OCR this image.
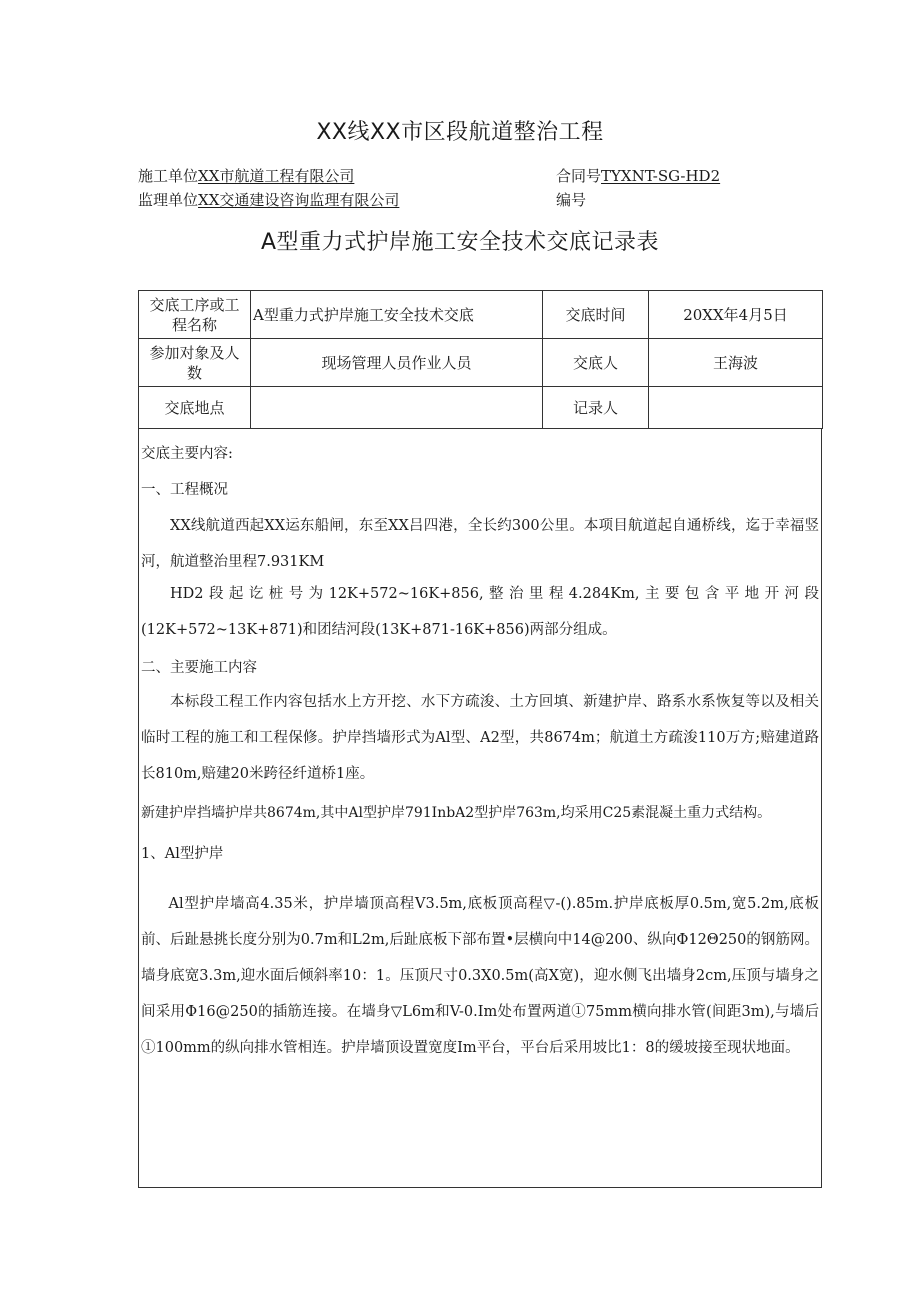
XX线XX市区段航道整治工程
施工单位XX市航道工程有限公司	合同号TYXNT-SG-HD2
监理单位XX交通建设咨询监理有限公司	编号
A型重力式护岸施工安全技术交底记录表
交底工序或工程名称	A型重力式护岸施工安全技术交底	交底时间	20XX年4月5日
参加对象及人数	现场管理人员作业人员	交底人	王海波
交底地点		记录人	
交底主要内容:
一、工程概况

XX线航道西起XX运东船闸，东至XX吕四港，全长约300公里。本项目航道起自通桥线，迄于幸福竖河，航道整治里程7.931KM

HD2段起讫桩号为12K+572~16K+856,整治里程4.284Km,主要包含平地开河段(12K+572~13K+871)和团结河段(13K+871-16K+856)两部分组成。

二、主要施工内容

本标段工程工作内容包括水上方开挖、水下方疏浚、土方回填、新建护岸、路系水系恢复等以及相关临时工程的施工和工程保修。护岸挡墙形式为Al型、A2型，共8674m；航道土方疏浚110万方;赔建道路长810m,赔建20米跨径纤道桥1座。

新建护岸挡墙护岸共8674m,其中Al型护岸791InbA2型护岸763m,均采用C25素混凝土重力式结构。
1、Al型护岸

Al型护岸墙高4.35米，护岸墙顶高程V3.5m,底板顶高程▽-().85m.护岸底板厚0.5m,宽5.2m,底板前、后趾悬挑长度分别为0.7m和L2m,后趾底板下部布置•层横向中14@200、纵向Φ12Θ250的钢筋网。墙身底宽3.3m,迎水面后倾斜率10：1。压顶尺寸0.3X0.5m(高X宽)，迎水侧飞出墙身2cm,压顶与墙身之间采用Φ16@250的插筋连接。在墙身▽L6m和V-0.Im处布置两道①75mm横向排水管(间距3m),与墙后①100mm的纵向排水管相连。护岸墙顶设置宽度Im平台，平台后采用坡比1：8的缓坡接至现状地面。
